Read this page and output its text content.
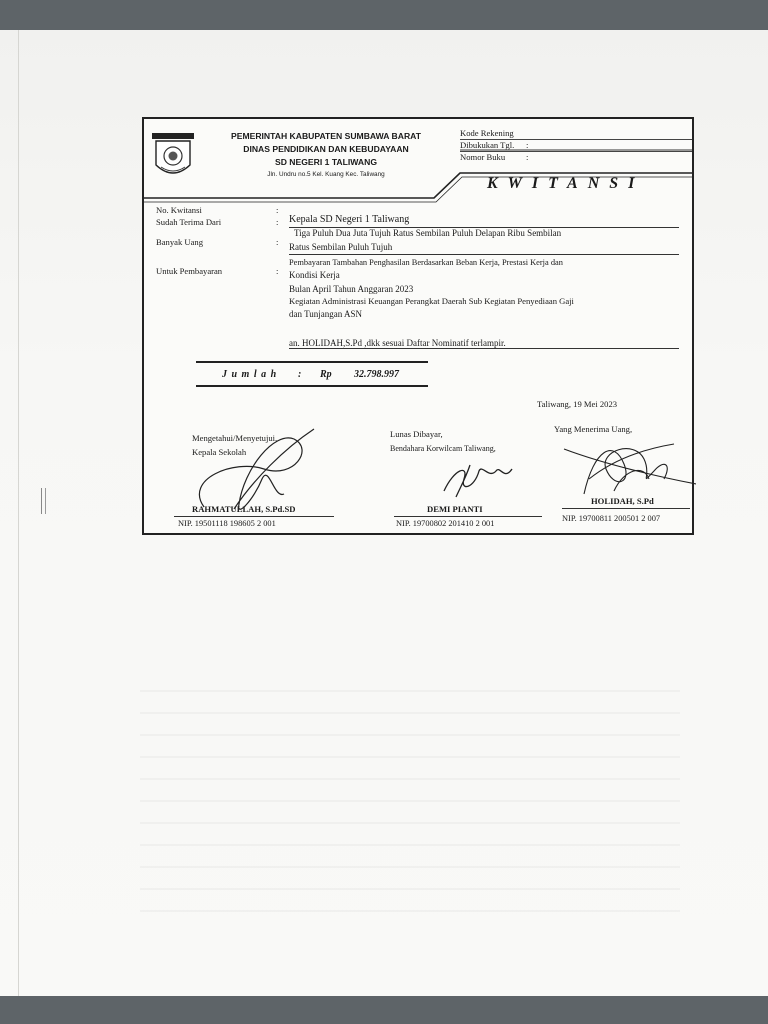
PEMERINTAH KABUPATEN SUMBAWA BARAT
DINAS PENDIDIKAN DAN KEBUDAYAAN
SD NEGERI 1 TALIWANG
Jln. Undru no.5 Kel. Kuang Kec. Taliwang
Kode Rekening
Dibukukan Tgl.	:
Nomor Buku	:
KWITANSI
No. Kwitansi	:
Sudah Terima Dari	: Kepala SD Negeri 1 Taliwang
Tiga Puluh Dua Juta Tujuh Ratus Sembilan Puluh Delapan Ribu Sembilan
Banyak Uang	: Ratus Sembilan Puluh Tujuh
Untuk Pembayaran	:
Pembayaran Tambahan Penghasilan Berdasarkan Beban Kerja, Prestasi Kerja dan
Kondisi Kerja
Bulan April Tahun Anggaran 2023
Kegiatan Administrasi Keuangan Perangkat Daerah Sub Kegiatan Penyediaan Gaji
dan Tunjangan ASN
an. HOLIDAH,S.Pd ,dkk sesuai Daftar Nominatif terlampir.
J u m l a h : Rp 32.798.997
Taliwang, 19 Mei 2023
Mengetahui/Menyetujui,
Kepala Sekolah
RAHMATULLAH, S.Pd.SD
NIP. 19501118 198605 2 001
Lunas Dibayar,
Bendahara Korwilcam Taliwang,
DEMI PIANTI
NIP. 19700802 201410 2 001
Yang Menerima Uang,
HOLIDAH, S.Pd
NIP. 19700811 200501 2 007
